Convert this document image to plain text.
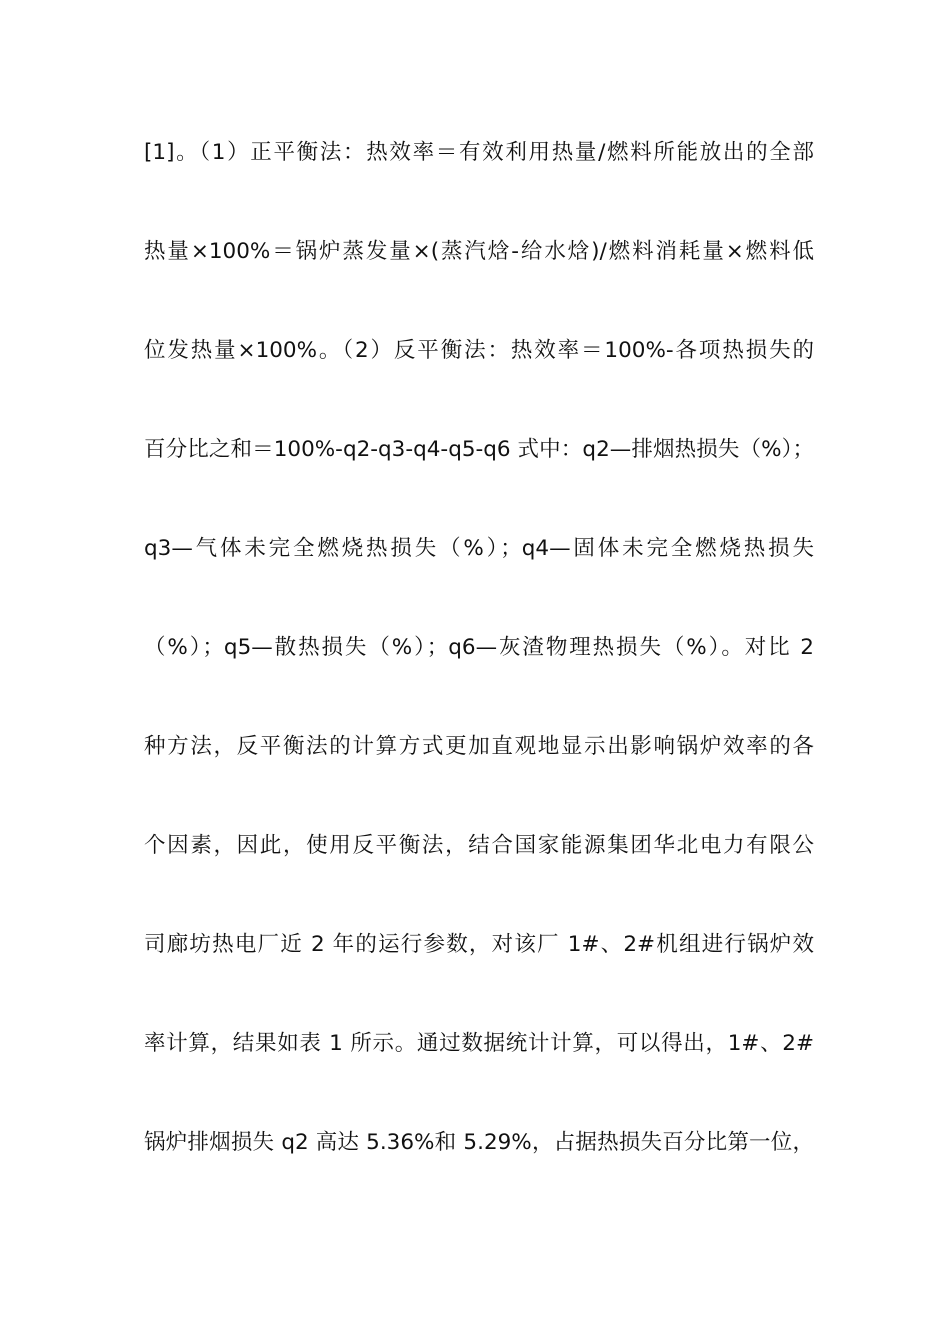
[1]。（1）正平衡法：热效率＝有效利用热量/燃料所能放出的全部
热量×100%＝锅炉蒸发量×(蒸汽焓-给水焓)/燃料消耗量×燃料低
位发热量×100%。（2）反平衡法：热效率＝100%-各项热损失的
百分比之和＝100%-q2-q3-q4-q5-q6 式中：q2—排烟热损失（%）；
q3—气体未完全燃烧热损失（%）；q4—固体未完全燃烧热损失
（%）；q5—散热损失（%）；q6—灰渣物理热损失（%）。对比 2
种方法，反平衡法的计算方式更加直观地显示出影响锅炉效率的各
个因素，因此，使用反平衡法，结合国家能源集团华北电力有限公
司廊坊热电厂近 2 年的运行参数，对该厂 1#、2#机组进行锅炉效
率计算，结果如表 1 所示。通过数据统计计算，可以得出，1#、2#
锅炉排烟损失 q2 高达 5.36%和 5.29%，占据热损失百分比第一位，
